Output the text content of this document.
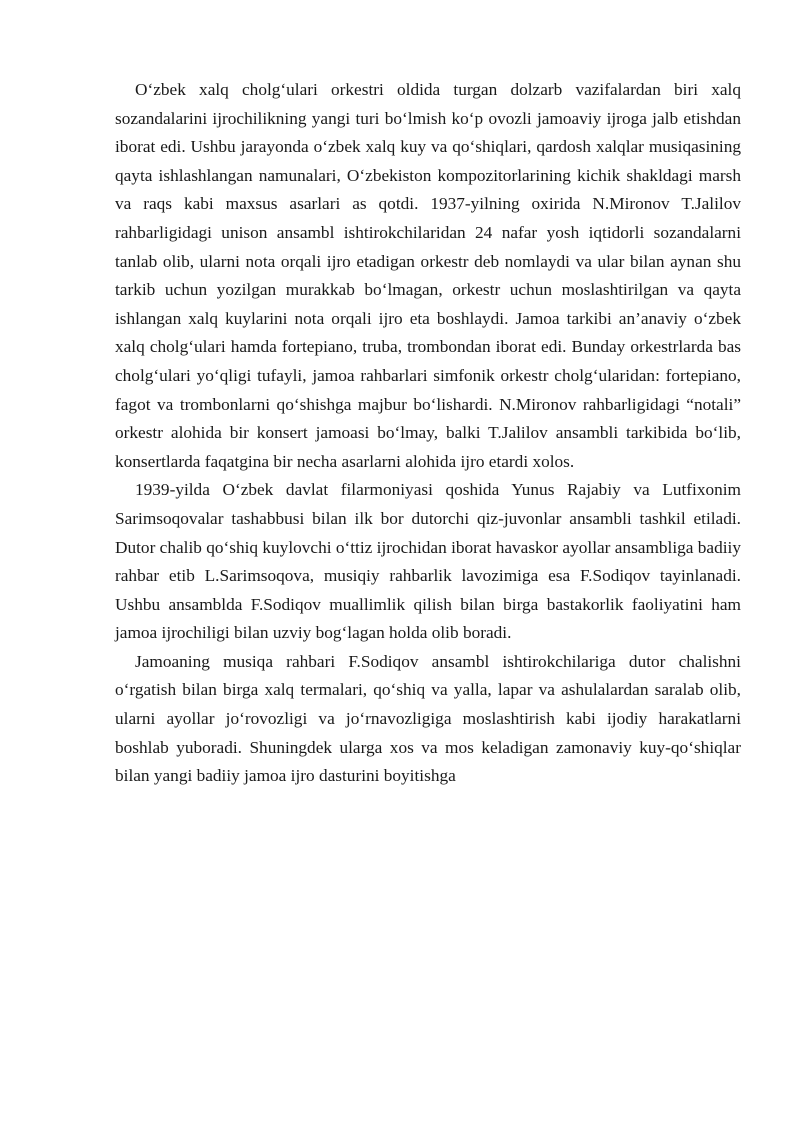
O‘zbek xalq cholg‘ulari orkestri oldida turgan dolzarb vazifalardan biri xalq sozandalarini ijrochilikning yangi turi bo‘lmish ko‘p ovozli jamoaviy ijroga jalb etishdan iborat edi. Ushbu jarayonda o‘zbek xalq kuy va qo‘shiqlari, qardosh xalqlar musiqasining qayta ishlashlangan namunalari, O‘zbekiston kompozitorlarining kichik shakldagi marsh va raqs kabi maxsus asarlari as qotdi. 1937-yilning oxirida N.Mironov T.Jalilov rahbarligidagi unison ansambl ishtirokchilaridan 24 nafar yosh iqtidorli sozandalarni tanlab olib, ularni nota orqali ijro etadigan orkestr deb nomlaydi va ular bilan aynan shu tarkib uchun yozilgan murakkab bo‘lmagan, orkestr uchun moslashtirilgan va qayta ishlangan xalq kuylarini nota orqali ijro eta boshlaydi. Jamoa tarkibi an’anaviy o‘zbek xalq cholg‘ulari hamda fortepiano, truba, trombondan iborat edi. Bunday orkestrlarda bas cholg‘ulari yo‘qligi tufayli, jamoa rahbarlari simfonik orkestr cholg‘ularidan: fortepiano, fagot va trombonlarni qo‘shishga majbur bo‘lishardi. N.Mironov rahbarligidagi “notali” orkestr alohida bir konsert jamoasi bo‘lmay, balki T.Jalilov ansambli tarkibida bo‘lib, konsertlarda faqatgina bir necha asarlarni alohida ijro etardi xolos.

1939-yilda O‘zbek davlat filarmoniyasi qoshida Yunus Rajabiy va Lutfixonim Sarimsoqovalar tashabbusi bilan ilk bor dutorchi qiz-juvonlar ansambli tashkil etiladi. Dutor chalib qo‘shiq kuylovchi o‘ttiz ijrochidan iborat havaskor ayollar ansambliga badiiy rahbar etib L.Sarimsoqova, musiqiy rahbarlik lavozimiga esa F.Sodiqov tayinlanadi. Ushbu ansamblda F.Sodiqov muallimlik qilish bilan birga bastakorlik faoliyatini ham jamoa ijrochiligi bilan uzviy bog‘lagan holda olib boradi.

Jamoaning musiqa rahbari F.Sodiqov ansambl ishtirokchilariga dutor chalishni o‘rgatish bilan birga xalq termalari, qo‘shiq va yalla, lapar va ashulalardan saralab olib, ularni ayollar jo‘rovozligi va jo‘rnavozligiga moslashtirish kabi ijodiy harakatlarni boshlab yuboradi. Shuningdek ularga xos va mos keladigan zamonaviy kuy-qo‘shiqlar bilan yangi badiiy jamoa ijro dasturini boyitishga
